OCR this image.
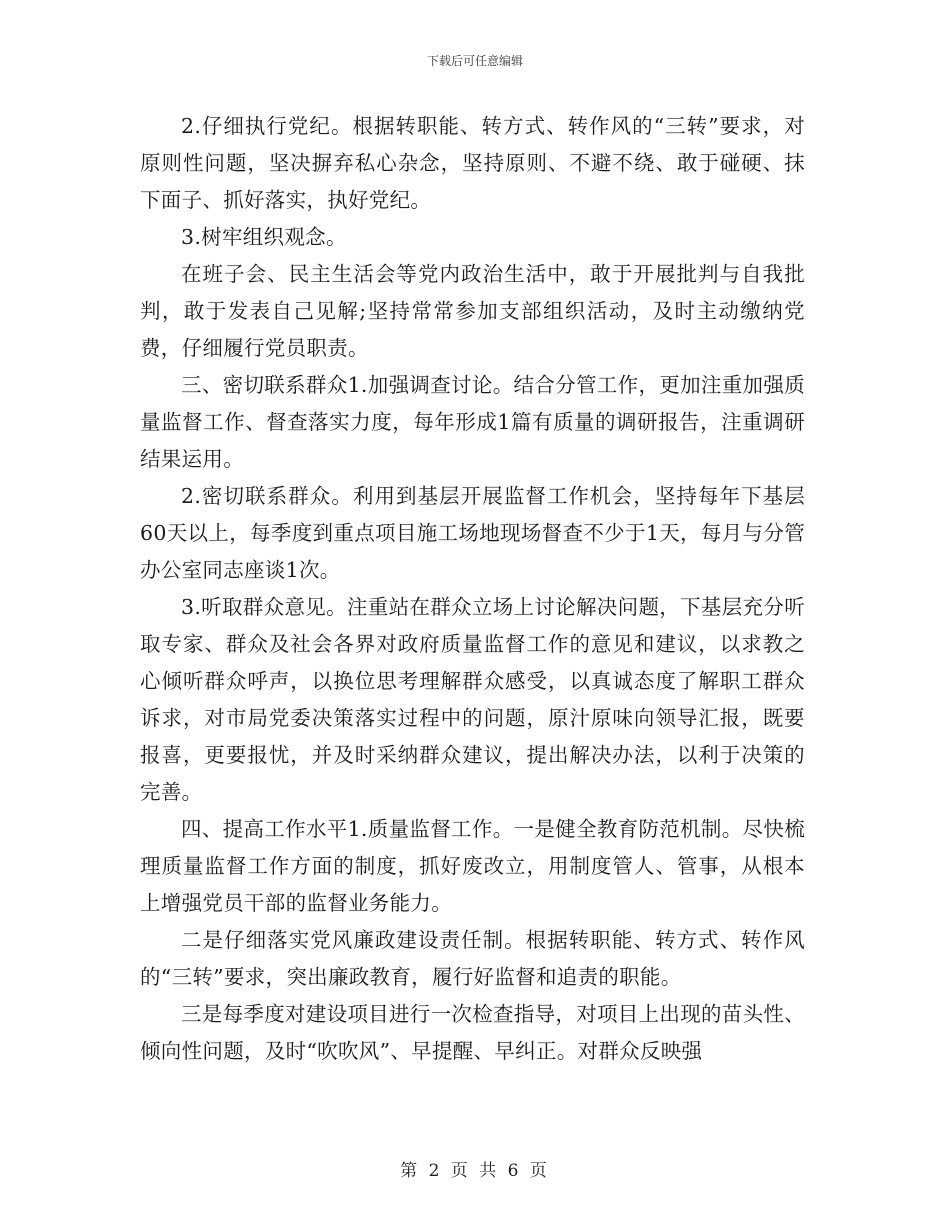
下载后可任意编辑

2.仔细执行党纪。根据转职能、转方式、转作风的“三转”要求，对原则性问题，坚决摒弃私心杂念，坚持原则、不避不绕、敢于碰硬、抹下面子、抓好落实，执好党纪。

3.树牢组织观念。

在班子会、民主生活会等党内政治生活中，敢于开展批判与自我批判，敢于发表自己见解;坚持常常参加支部组织活动，及时主动缴纳党费，仔细履行党员职责。

三、密切联系群众1.加强调查讨论。结合分管工作，更加注重加强质量监督工作、督查落实力度，每年形成1篇有质量的调研报告，注重调研结果运用。

2.密切联系群众。利用到基层开展监督工作机会，坚持每年下基层60天以上，每季度到重点项目施工场地现场督查不少于1天，每月与分管办公室同志座谈1次。

3.听取群众意见。注重站在群众立场上讨论解决问题，下基层充分听取专家、群众及社会各界对政府质量监督工作的意见和建议，以求教之心倾听群众呼声，以换位思考理解群众感受，以真诚态度了解职工群众诉求，对市局党委决策落实过程中的问题，原汁原味向领导汇报，既要报喜，更要报忧，并及时采纳群众建议，提出解决办法，以利于决策的完善。

四、提高工作水平1.质量监督工作。一是健全教育防范机制。尽快梳理质量监督工作方面的制度，抓好废改立，用制度管人、管事，从根本上增强党员干部的监督业务能力。

二是仔细落实党风廉政建设责任制。根据转职能、转方式、转作风的“三转”要求，突出廉政教育，履行好监督和追责的职能。

三是每季度对建设项目进行一次检查指导，对项目上出现的苗头性、倾向性问题，及时“吹吹风”、早提醒、早纠正。对群众反映强

第 2 页 共 6 页
